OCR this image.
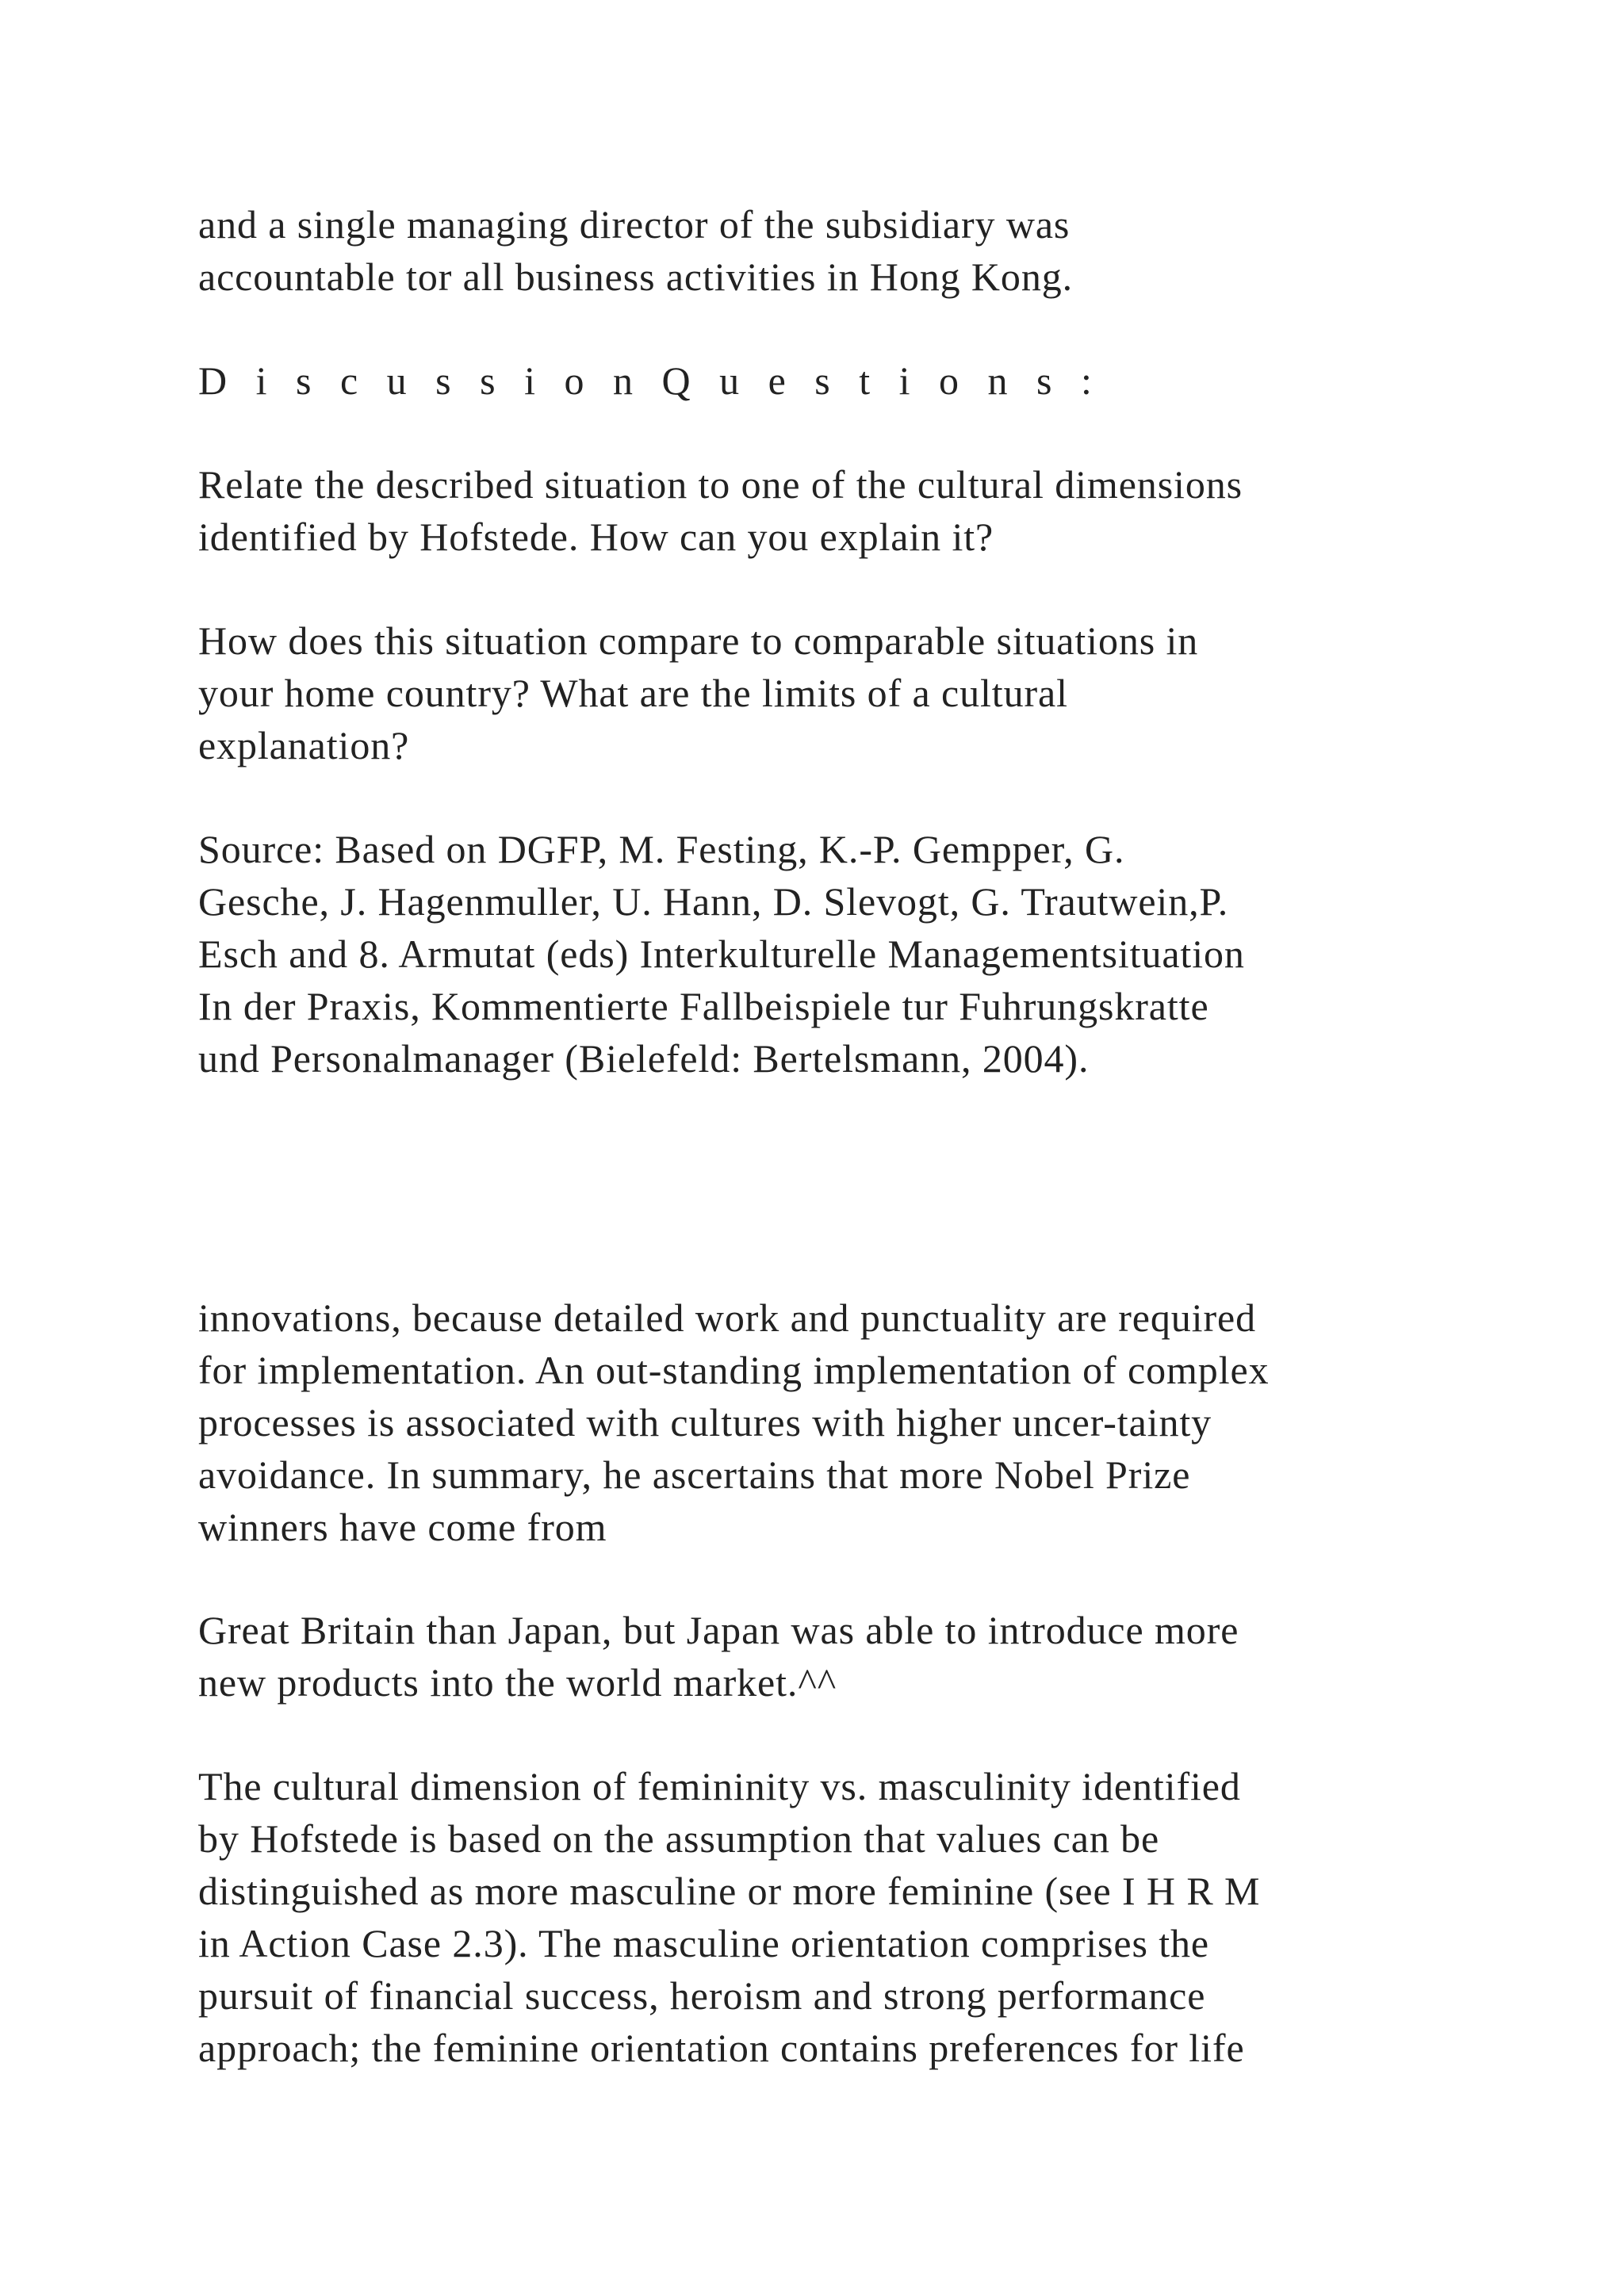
and a single managing director of the subsidiary was
accountable tor all business activities in Hong Kong.

D i s c u s s i o n Q u e s t i o n s :

Relate the described situation to one of the cultural dimensions
identified by Hofstede. How can you explain it?

How does this situation compare to comparable situations in
your home country? What are the limits of a cultural
explanation?

Source: Based on DGFP, M. Festing, K.-P. Gempper, G.
Gesche, J. Hagenmuller, U. Hann, D. Slevogt, G. Trautwein,P.
Esch and 8. Armutat (eds) Interkulturelle Managementsituation
In der Praxis, Kommentierte Fallbeispiele tur Fuhrungskratte
und Personalmanager (Bielefeld: Bertelsmann, 2004).

innovations, because detailed work and punctuality are required
for implementation. An out-standing implementation of complex
processes is associated with cultures with higher uncer-tainty
avoidance. In summary, he ascertains that more Nobel Prize
winners have come from

Great Britain than Japan, but Japan was able to introduce more
new products into the world market.^^

The cultural dimension of femininity vs. masculinity identified
by Hofstede is based on the assumption that values can be
distinguished as more masculine or more feminine (see I H R M
in Action Case 2.3). The masculine orientation comprises the
pursuit of financial success, heroism and strong performance
approach; the feminine orientation contains preferences for life
